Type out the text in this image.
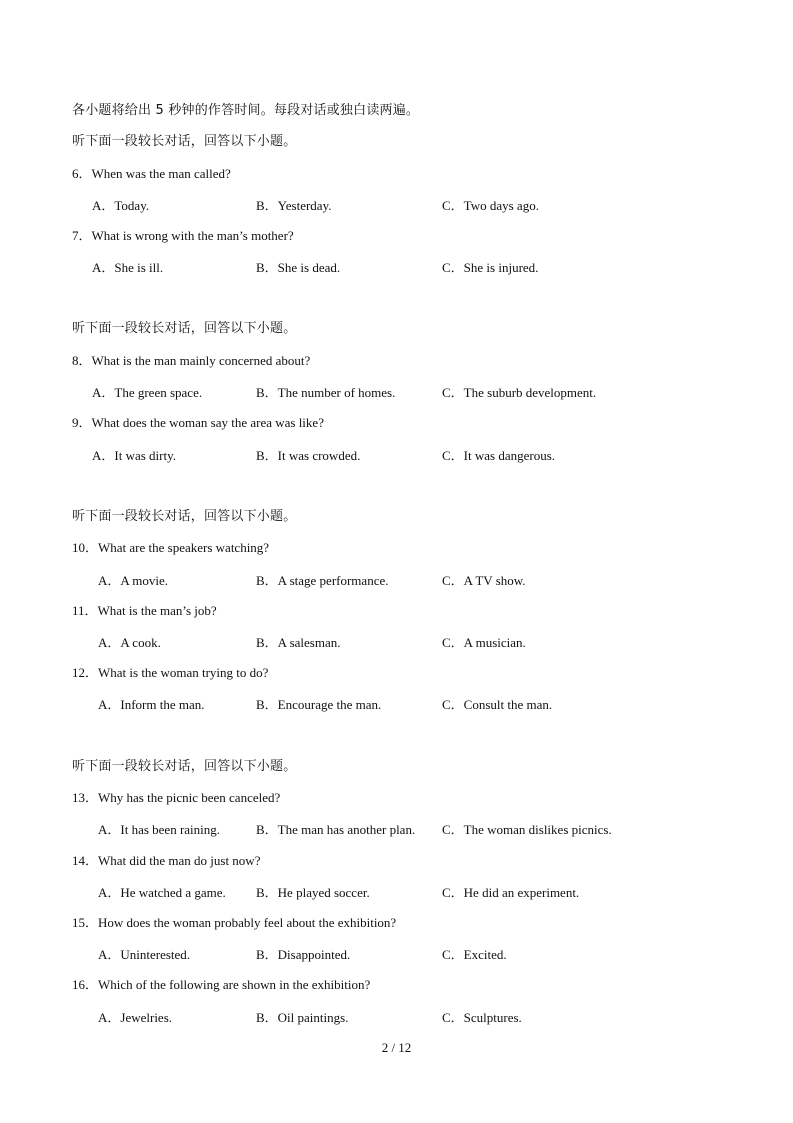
各小题将给出 5 秒钟的作答时间。每段对话或独白读两遍。
听下面一段较长对话，回答以下小题。
6．When was the man called?
A．Today.	B．Yesterday.	C．Two days ago.
7．What is wrong with the man’s mother?
A．She is ill.	B．She is dead.	C．She is injured.
听下面一段较长对话，回答以下小题。
8．What is the man mainly concerned about?
A．The green space.	B．The number of homes.	C．The suburb development.
9．What does the woman say the area was like?
A．It was dirty.	B．It was crowded.	C．It was dangerous.
听下面一段较长对话，回答以下小题。
10．What are the speakers watching?
A．A movie.	B．A stage performance.	C．A TV show.
11．What is the man’s job?
A．A cook.	B．A salesman.	C．A musician.
12．What is the woman trying to do?
A．Inform the man.	B．Encourage the man.	C．Consult the man.
听下面一段较长对话，回答以下小题。
13．Why has the picnic been canceled?
A．It has been raining.	B．The man has another plan. C．The woman dislikes picnics.
14．What did the man do just now?
A．He watched a game. B．He played soccer.	C．He did an experiment.
15．How does the woman probably feel about the exhibition?
A．Uninterested.	B．Disappointed.	C．Excited.
16．Which of the following are shown in the exhibition?
A．Jewelries.	B．Oil paintings.	C．Sculptures.
2 / 12
